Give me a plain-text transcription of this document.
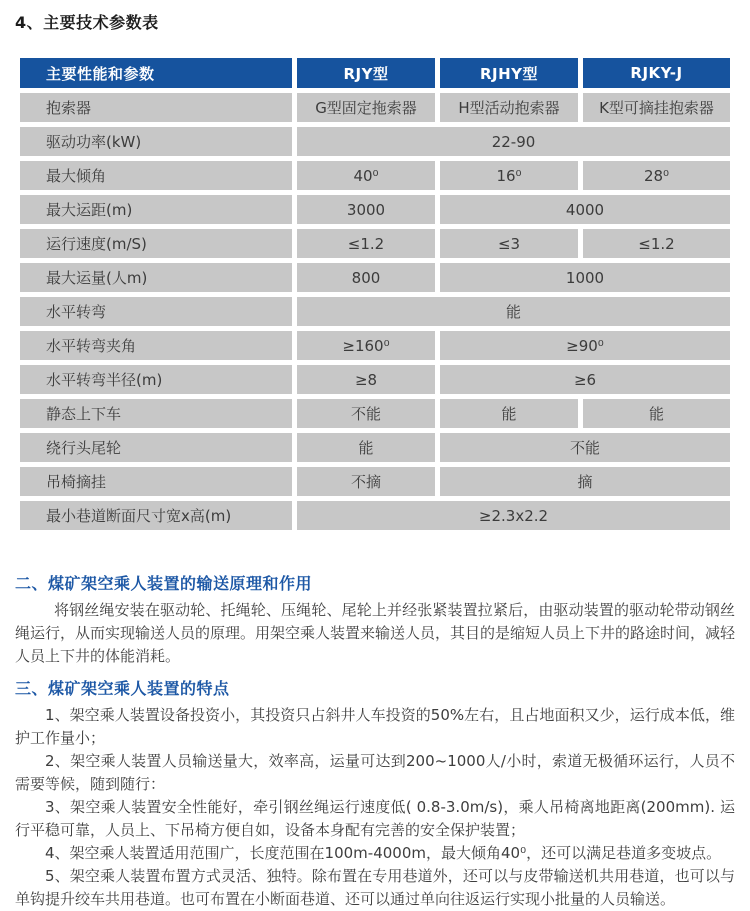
4、主要技术参数表
主要性能和参数	RJY型	RJHY型	RJKY-J
抱索器	G型固定拖索器	H型活动抱索器	K型可摘挂抱索器
驱动功率(kW)	22-90		
最大倾角	40⁰	16⁰	28⁰
最大运距(m)	3000	4000	
运行速度(m/S)	≤1.2	≤3	≤1.2
最大运量(人m)	800	1000	
水平转弯	能		
水平转弯夹角	≥160⁰	≥90⁰	
水平转弯半径(m)	≥8	≥6	
静态上下车	不能	能	能
绕行头尾轮	能	不能	
吊椅摘挂	不摘	摘	
最小巷道断面尺寸宽x高(m)	≥2.3x2.2		
二、煤矿架空乘人装置的输送原理和作用

将钢丝绳安装在驱动轮、托绳轮、压绳轮、尾轮上并经张紧装置拉紧后，由驱动装置的驱动轮带动钢丝绳运行，从而实现输送人员的原理。用架空乘人装置来输送人员，其目的是缩短人员上下井的路途时间，减轻人员上下井的体能消耗。

三、煤矿架空乘人装置的特点

1、架空乘人装置设备投资小，其投资只占斜井人车投资的50%左右，且占地面积又少，运行成本低，维护工作量小；

2、架空乘人装置人员输送量大，效率高，运量可达到200~1000人/小时，索道无极循环运行，人员不需要等候，随到随行：

3、架空乘人装置安全性能好，牵引钢丝绳运行速度低( 0.8-3.0m/s)，乘人吊椅离地距离(200mm). 运行平稳可靠，人员上、下吊椅方便自如，设备本身配有完善的安全保护装置；

4、架空乘人装置适用范围广，长度范围在100m-4000m，最大倾角40⁰，还可以满足巷道多变坡点。

5、架空乘人装置布置方式灵活、独特。除布置在专用巷道外，还可以与皮带输送机共用巷道，也可以与单钩提升绞车共用巷道。也可布置在小断面巷道、还可以通过单向往返运行实现小批量的人员输送。
